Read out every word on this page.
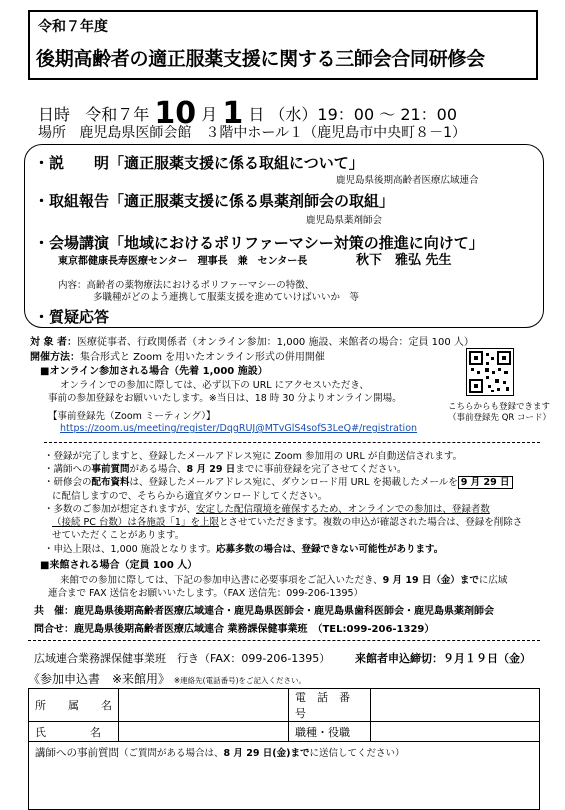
令和７年度
後期高齢者の適正服薬支援に関する三師会合同研修会
日時 令和７年 10 月 1 日 （水）19：00 ～ 21：00
場所 鹿児島県医師会館　３階中ホール１（鹿児島市中央町８－1）
・説　　明「適正服薬支援に係る取組について」
鹿児島県後期高齢者医療広域連合
・取組報告「適正服薬支援に係る県薬剤師会の取組」
鹿児島県薬剤師会
・会場講演「地域におけるポリファーマシー対策の推進に向けて」
東京都健康長寿医療センター　理事長　兼　センター長	秋下　雅弘 先生
内容：高齢者の薬物療法におけるポリファーマシーの特徴、
多職種がどのよう連携して服薬支援を進めていけばいいか　等
・質疑応答
対 象 者：医療従事者、行政関係者（オンライン参加：1,000 施設、来館者の場合：定員 100 人）
開催方法：集合形式と Zoom を用いたオンライン形式の併用開催
■オンライン参加される場合（先着 1,000 施設）
オンラインでの参加に際しては、必ず以下の URL にアクセスいただき、
事前の参加登録をお願いいたします。※当日は、18 時 30 分よりオンライン開場。
【事前登録先（Zoom ミーティング）】
https://zoom.us/meeting/register/DqgRUJ@MTvGlS4sofS3LeQ#/registration
こちらからも登録できます
（事前登録先 QR コード）
・登録が完了しますと、登録したメールアドレス宛に Zoom 参加用の URL が自動送信されます。
・講師への事前質問がある場合、8 月 29 日までに事前登録を完了させてください。
・研修会の配布資料は、登録したメールアドレス宛に、ダウンロード用 URL を掲載したメールを 9 月 29 日
に配信しますので、そちらから適宜ダウンロードしてください。
・多数のご参加が想定されますが、安定した配信環境を確保するため、オンラインでの参加は、登録者数
（接続 PC 台数）は各施設「1」を上限とさせていただきます。複数の申込が確認された場合は、登録を削除さ
せていただくことがあります。
・申込上限は、1,000 施設となります。応募多数の場合は、登録できない可能性があります。
■来館される場合（定員 100 人）
来館での参加に際しては、下記の参加申込書に必要事項をご記入いただき、9 月 19 日（金）までに広域
連合まで FAX 送信をお願いいたします。（FAX 送信先：099-206-1395）
共　催：鹿児島県後期高齢者医療広域連合・鹿児島県医師会・鹿児島県歯科医師会・鹿児島県薬剤師会
問合せ：鹿児島県後期高齢者医療広域連合 業務課保健事業班　（TEL:099-206-1329）
広域連合業務課保健事業班　行き（FAX：099-206-1395） 来館者申込締切：９月１９日（金）
《参加申込書　※来館用》 ※連絡先(電話番号)をご記入ください。
所　　属　　名		電　話　番　号	
氏　　　　名		職種・役職	
講師への事前質問（ご質問がある場合は、8 月 29 日(金)までに送信してください）			
